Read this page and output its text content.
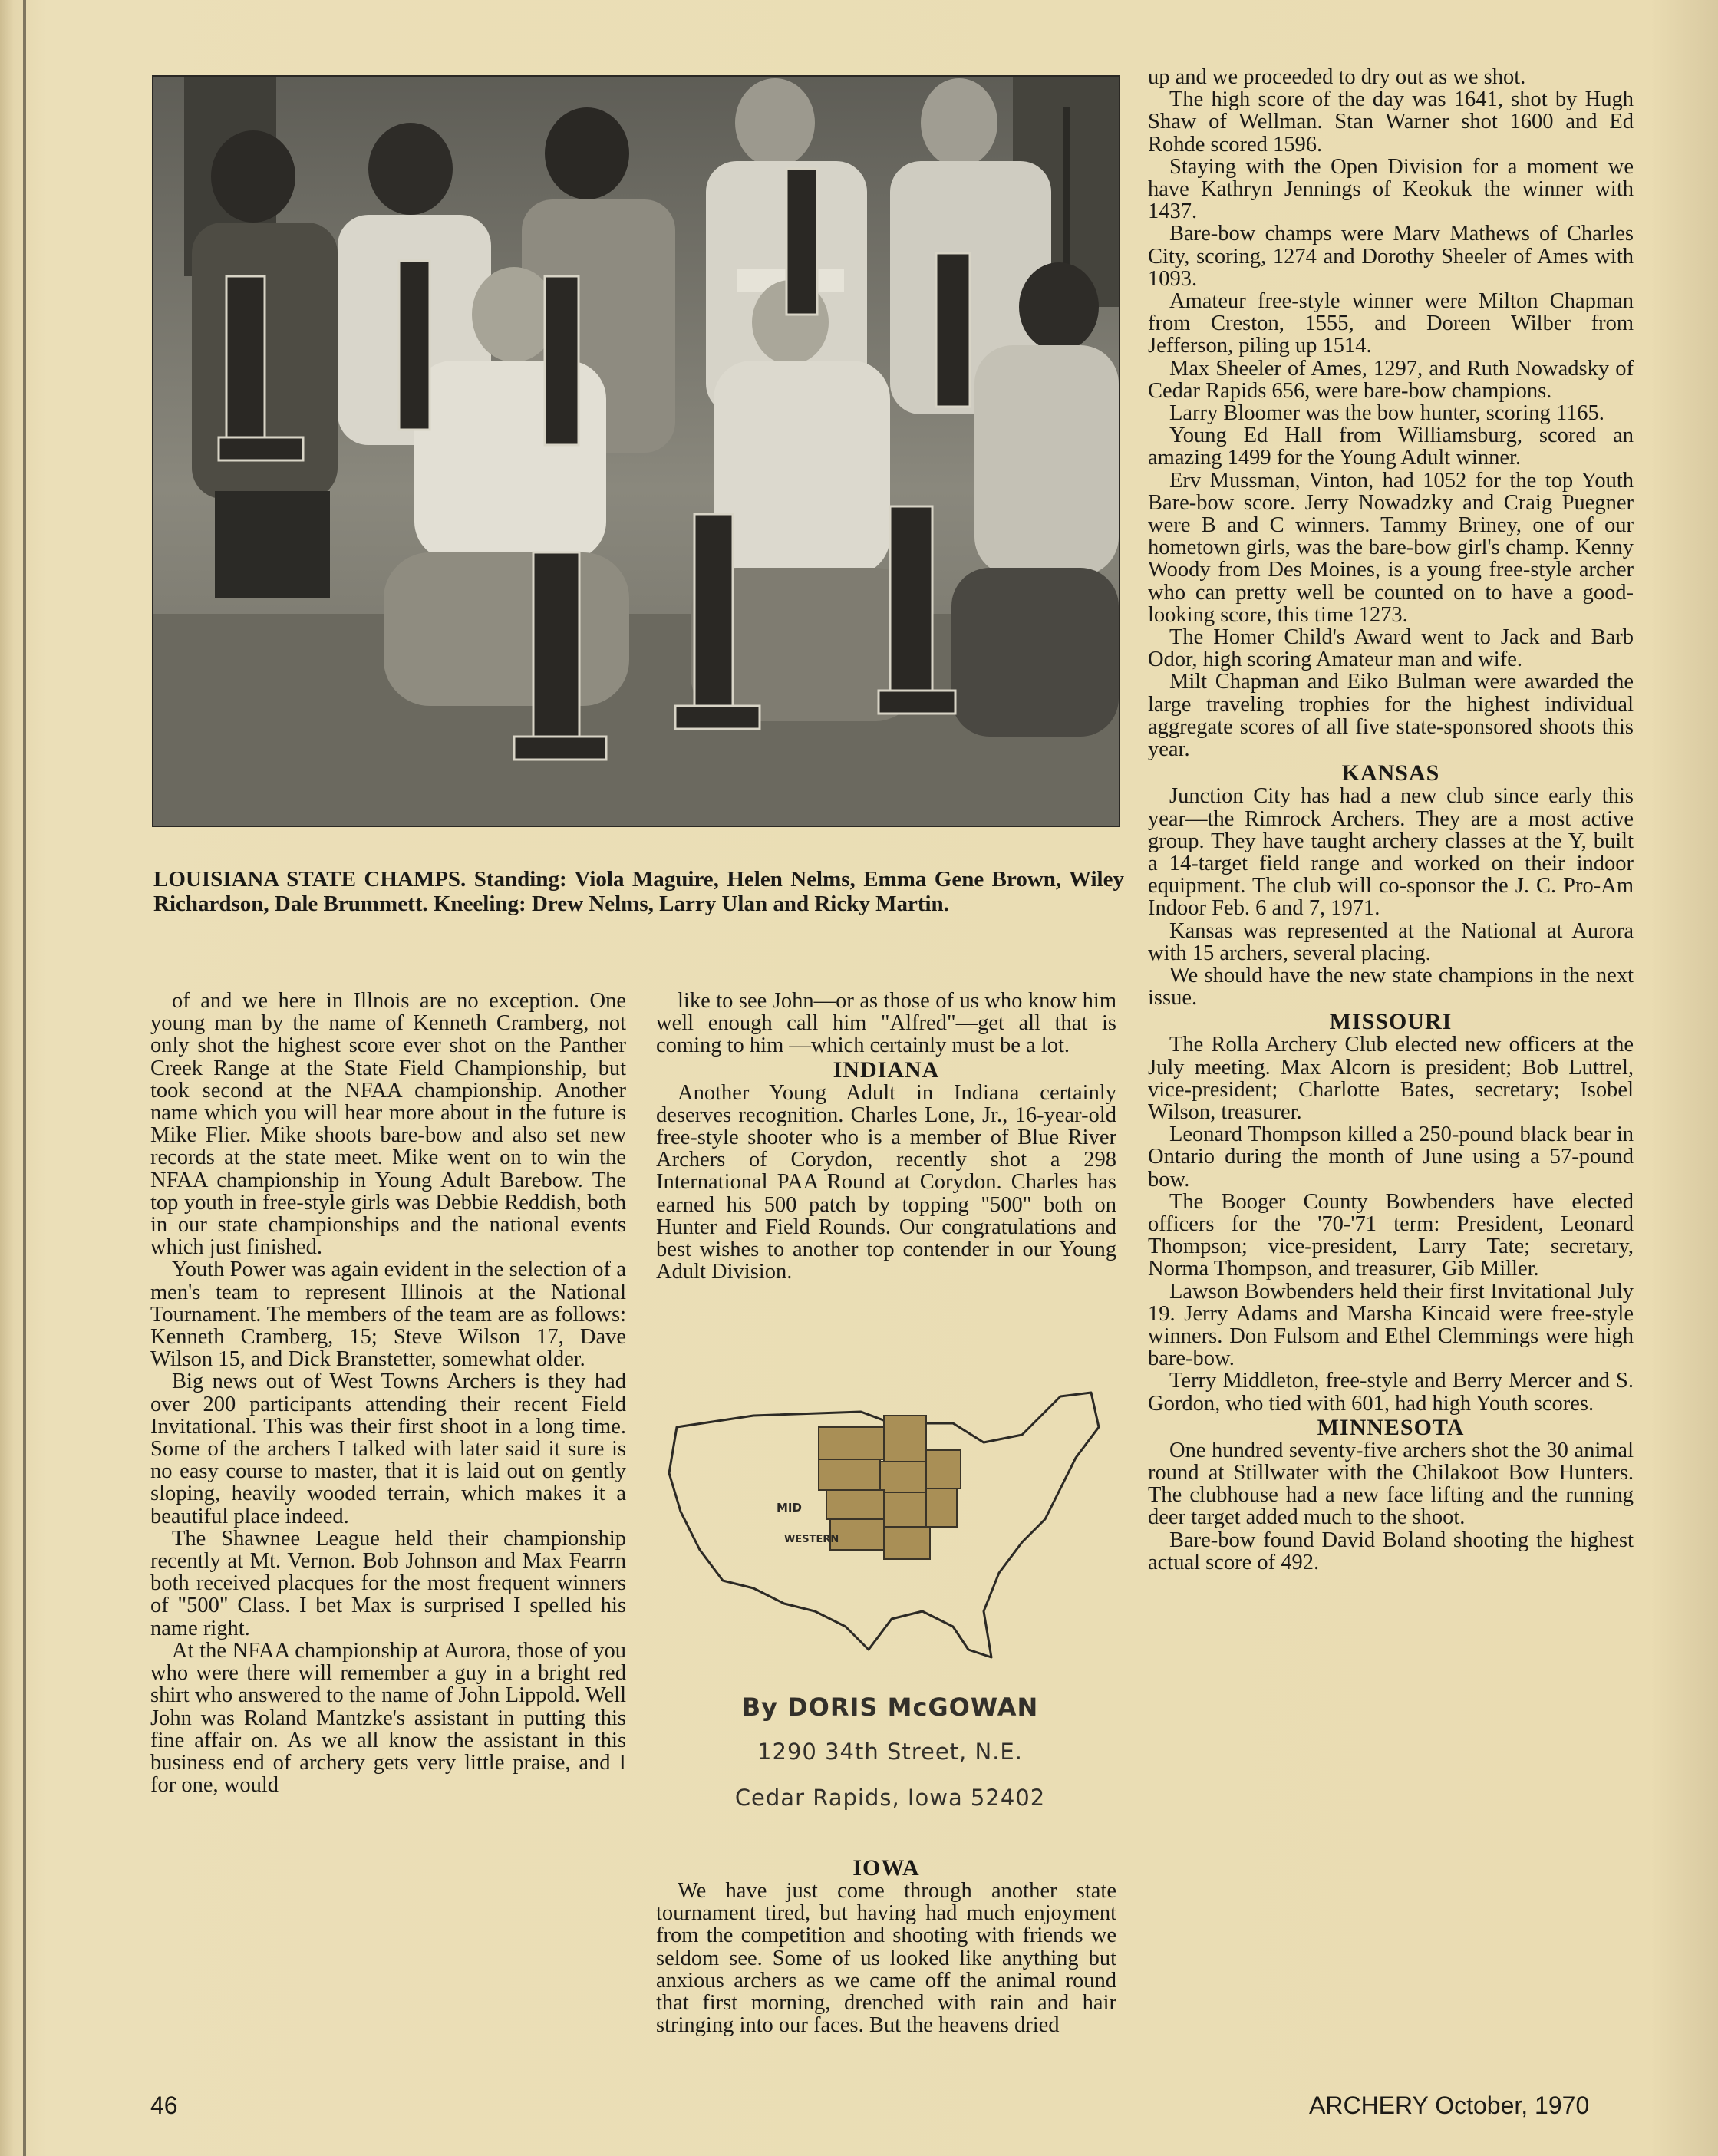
LOUISIANA STATE CHAMPS. Standing: Viola Maguire, Helen Nelms, Emma Gene Brown, Wiley Richardson, Dale Brummett. Kneeling: Drew Nelms, Larry Ulan and Ricky Martin.

of and we here in Illnois are no exception. One young man by the name of Kenneth Cramberg, not only shot the highest score ever shot on the Panther Creek Range at the State Field Championship, but took second at the NFAA championship. Another name which you will hear more about in the future is Mike Flier. Mike shoots bare-bow and also set new records at the state meet. Mike went on to win the NFAA championship in Young Adult Barebow. The top youth in free-style girls was Debbie Reddish, both in our state championships and the national events which just finished.

Youth Power was again evident in the selection of a men's team to represent Illinois at the National Tournament. The members of the team are as follows: Kenneth Cramberg, 15; Steve Wilson 17, Dave Wilson 15, and Dick Branstetter, somewhat older.

Big news out of West Towns Archers is they had over 200 participants attending their recent Field Invitational. This was their first shoot in a long time. Some of the archers I talked with later said it sure is no easy course to master, that it is laid out on gently sloping, heavily wooded terrain, which makes it a beautiful place indeed.

The Shawnee League held their championship recently at Mt. Vernon. Bob Johnson and Max Fearrn both received placques for the most frequent winners of "500" Class. I bet Max is surprised I spelled his name right.

At the NFAA championship at Aurora, those of you who were there will remember a guy in a bright red shirt who answered to the name of John Lippold. Well John was Roland Mantzke's assistant in putting this fine affair on. As we all know the assistant in this business end of archery gets very little praise, and I for one, would

like to see John—or as those of us who know him well enough call him "Alfred"—get all that is coming to him —which certainly must be a lot.

INDIANA

Another Young Adult in Indiana certainly deserves recognition. Charles Lone, Jr., 16-year-old free-style shooter who is a member of Blue River Archers of Corydon, recently shot a 298 International PAA Round at Corydon. Charles has earned his 500 patch by topping "500" both on Hunter and Field Rounds. Our congratulations and best wishes to another top contender in our Young Adult Division.

MID
WESTERN
By DORIS McGOWAN
1290 34th Street, N.E.
Cedar Rapids, Iowa 52402
IOWA

We have just come through another state tournament tired, but having had much enjoyment from the competition and shooting with friends we seldom see. Some of us looked like anything but anxious archers as we came off the animal round that first morning, drenched with rain and hair stringing into our faces. But the heavens dried

up and we proceeded to dry out as we shot.

The high score of the day was 1641, shot by Hugh Shaw of Wellman. Stan Warner shot 1600 and Ed Rohde scored 1596.

Staying with the Open Division for a moment we have Kathryn Jennings of Keokuk the winner with 1437.

Bare-bow champs were Marv Mathews of Charles City, scoring, 1274 and Dorothy Sheeler of Ames with 1093.

Amateur free-style winner were Milton Chapman from Creston, 1555, and Doreen Wilber from Jefferson, piling up 1514.

Max Sheeler of Ames, 1297, and Ruth Nowadsky of Cedar Rapids 656, were bare-bow champions.

Larry Bloomer was the bow hunter, scoring 1165.

Young Ed Hall from Williamsburg, scored an amazing 1499 for the Young Adult winner.

Erv Mussman, Vinton, had 1052 for the top Youth Bare-bow score. Jerry Nowadzky and Craig Puegner were B and C winners. Tammy Briney, one of our hometown girls, was the bare-bow girl's champ. Kenny Woody from Des Moines, is a young free-style archer who can pretty well be counted on to have a good-looking score, this time 1273.

The Homer Child's Award went to Jack and Barb Odor, high scoring Amateur man and wife.

Milt Chapman and Eiko Bulman were awarded the large traveling trophies for the highest individual aggregate scores of all five state-sponsored shoots this year.

KANSAS

Junction City has had a new club since early this year—the Rimrock Archers. They are a most active group. They have taught archery classes at the Y, built a 14-target field range and worked on their indoor equipment. The club will co-sponsor the J. C. Pro-Am Indoor Feb. 6 and 7, 1971.

Kansas was represented at the National at Aurora with 15 archers, several placing.

We should have the new state champions in the next issue.

MISSOURI

The Rolla Archery Club elected new officers at the July meeting. Max Alcorn is president; Bob Luttrel, vice-president; Charlotte Bates, secretary; Isobel Wilson, treasurer.

Leonard Thompson killed a 250-pound black bear in Ontario during the month of June using a 57-pound bow.

The Booger County Bowbenders have elected officers for the '70-'71 term: President, Leonard Thompson; vice-president, Larry Tate; secretary, Norma Thompson, and treasurer, Gib Miller.

Lawson Bowbenders held their first Invitational July 19. Jerry Adams and Marsha Kincaid were free-style winners. Don Fulsom and Ethel Clemmings were high bare-bow.

Terry Middleton, free-style and Berry Mercer and S. Gordon, who tied with 601, had high Youth scores.

MINNESOTA

One hundred seventy-five archers shot the 30 animal round at Stillwater with the Chilakoot Bow Hunters. The clubhouse had a new face lifting and the running deer target added much to the shoot.

Bare-bow found David Boland shooting the highest actual score of 492.

46	ARCHERY October, 1970
